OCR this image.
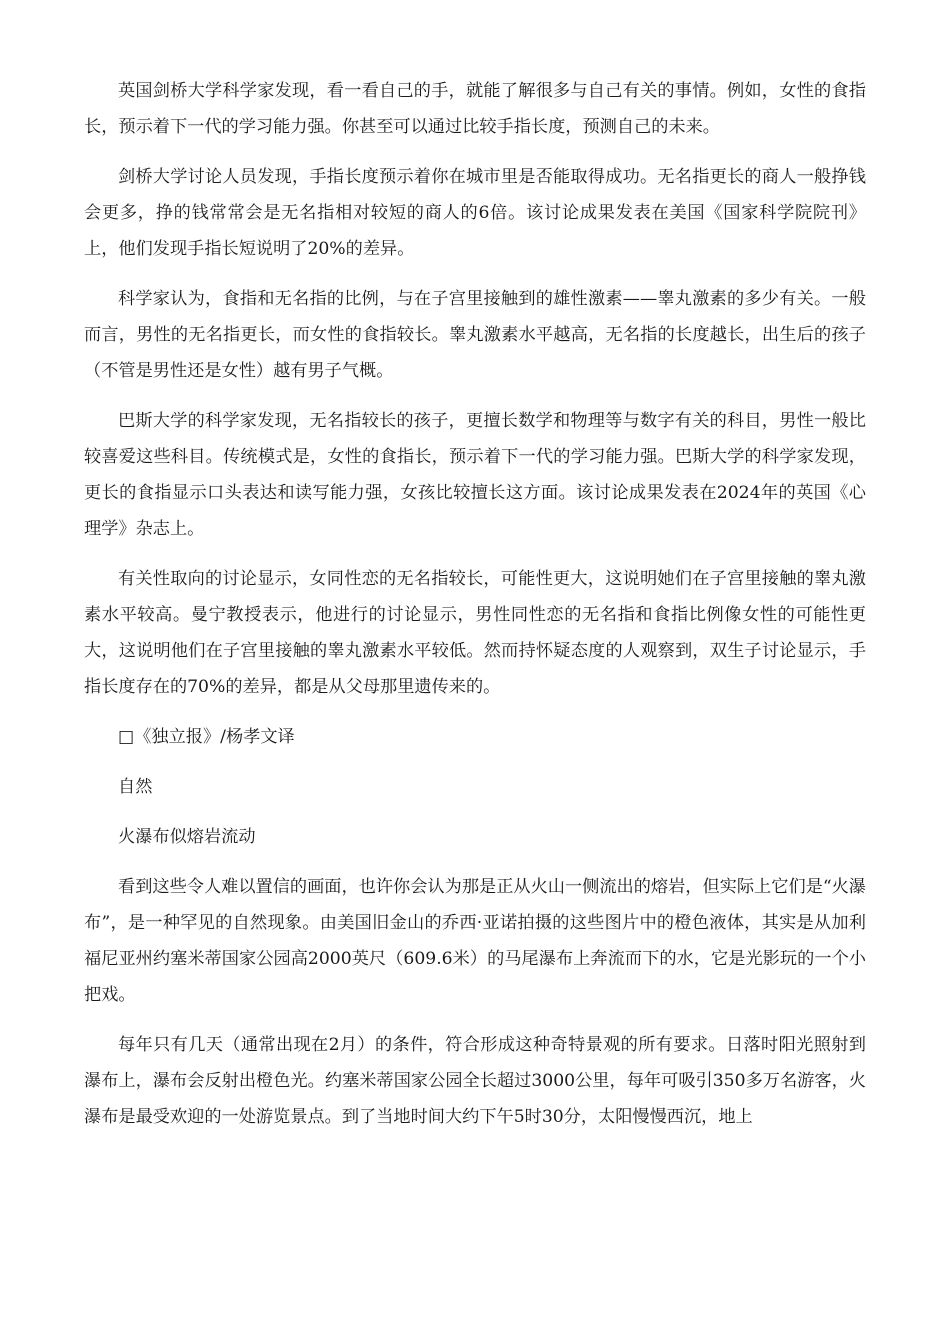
英国剑桥大学科学家发现，看一看自己的手，就能了解很多与自己有关的事情。例如，女性的食指长，预示着下一代的学习能力强。你甚至可以通过比较手指长度，预测自己的未来。

剑桥大学讨论人员发现，手指长度预示着你在城市里是否能取得成功。无名指更长的商人一般挣钱会更多，挣的钱常常会是无名指相对较短的商人的6倍。该讨论成果发表在美国《国家科学院院刊》上，他们发现手指长短说明了20%的差异。

科学家认为，食指和无名指的比例，与在子宫里接触到的雄性激素——睾丸激素的多少有关。一般而言，男性的无名指更长，而女性的食指较长。睾丸激素水平越高，无名指的长度越长，出生后的孩子（不管是男性还是女性）越有男子气概。

巴斯大学的科学家发现，无名指较长的孩子，更擅长数学和物理等与数字有关的科目，男性一般比较喜爱这些科目。传统模式是，女性的食指长，预示着下一代的学习能力强。巴斯大学的科学家发现，更长的食指显示口头表达和读写能力强，女孩比较擅长这方面。该讨论成果发表在2024年的英国《心理学》杂志上。

有关性取向的讨论显示，女同性恋的无名指较长，可能性更大，这说明她们在子宫里接触的睾丸激素水平较高。曼宁教授表示，他进行的讨论显示，男性同性恋的无名指和食指比例像女性的可能性更大，这说明他们在子宫里接触的睾丸激素水平较低。然而持怀疑态度的人观察到，双生子讨论显示，手指长度存在的70%的差异，都是从父母那里遗传来的。

□《独立报》/杨孝文译

自然

火瀑布似熔岩流动

看到这些令人难以置信的画面，也许你会认为那是正从火山一侧流出的熔岩，但实际上它们是“火瀑布”，是一种罕见的自然现象。由美国旧金山的乔西·亚诺拍摄的这些图片中的橙色液体，其实是从加利福尼亚州约塞米蒂国家公园高2000英尺（609.6米）的马尾瀑布上奔流而下的水，它是光影玩的一个小把戏。

每年只有几天（通常出现在2月）的条件，符合形成这种奇特景观的所有要求。日落时阳光照射到瀑布上，瀑布会反射出橙色光。约塞米蒂国家公园全长超过3000公里，每年可吸引350多万名游客，火瀑布是最受欢迎的一处游览景点。到了当地时间大约下午5时30分，太阳慢慢西沉，地上
